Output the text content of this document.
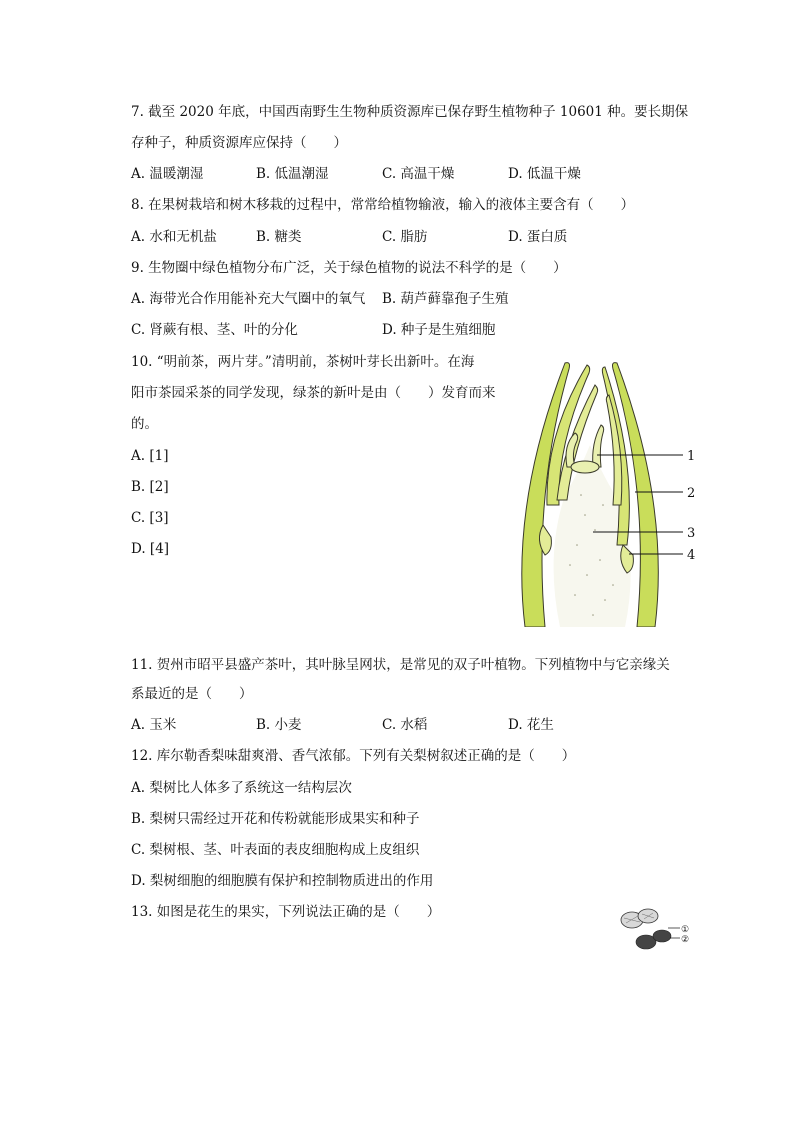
7. 截至 2020 年底，中国西南野生生物种质资源库已保存野生植物种子 10601 种。要长期保
存种子，种质资源库应保持（　　）
A. 温暖潮湿	B. 低温潮湿	C. 高温干燥	D. 低温干燥
8. 在果树栽培和树木移栽的过程中，常常给植物输液，输入的液体主要含有（　　）
A. 水和无机盐	B. 糖类	C. 脂肪	D. 蛋白质
9. 生物圈中绿色植物分布广泛，关于绿色植物的说法不科学的是（　　）
A. 海带光合作用能补充大气圈中的氧气 B. 葫芦藓靠孢子生殖
C. 肾蕨有根、茎、叶的分化	D. 种子是生殖细胞
10. “明前茶，两片芽。”清明前，茶树叶芽长出新叶。在海
阳市茶园采茶的同学发现，绿茶的新叶是由（　　）发育而来
的。
A. [1]
B. [2]
C. [3]
D. [4]
1
2
3
4
11. 贺州市昭平县盛产茶叶，其叶脉呈网状，是常见的双子叶植物。下列植物中与它亲缘关
系最近的是（　　）
A. 玉米	B. 小麦	C. 水稻	D. 花生
12. 库尔勒香梨味甜爽滑、香气浓郁。下列有关梨树叙述正确的是（　　）
A. 梨树比人体多了系统这一结构层次
B. 梨树只需经过开花和传粉就能形成果实和种子
C. 梨树根、茎、叶表面的表皮细胞构成上皮组织
D. 梨树细胞的细胞膜有保护和控制物质进出的作用
13. 如图是花生的果实，下列说法正确的是（　　）
①
②
